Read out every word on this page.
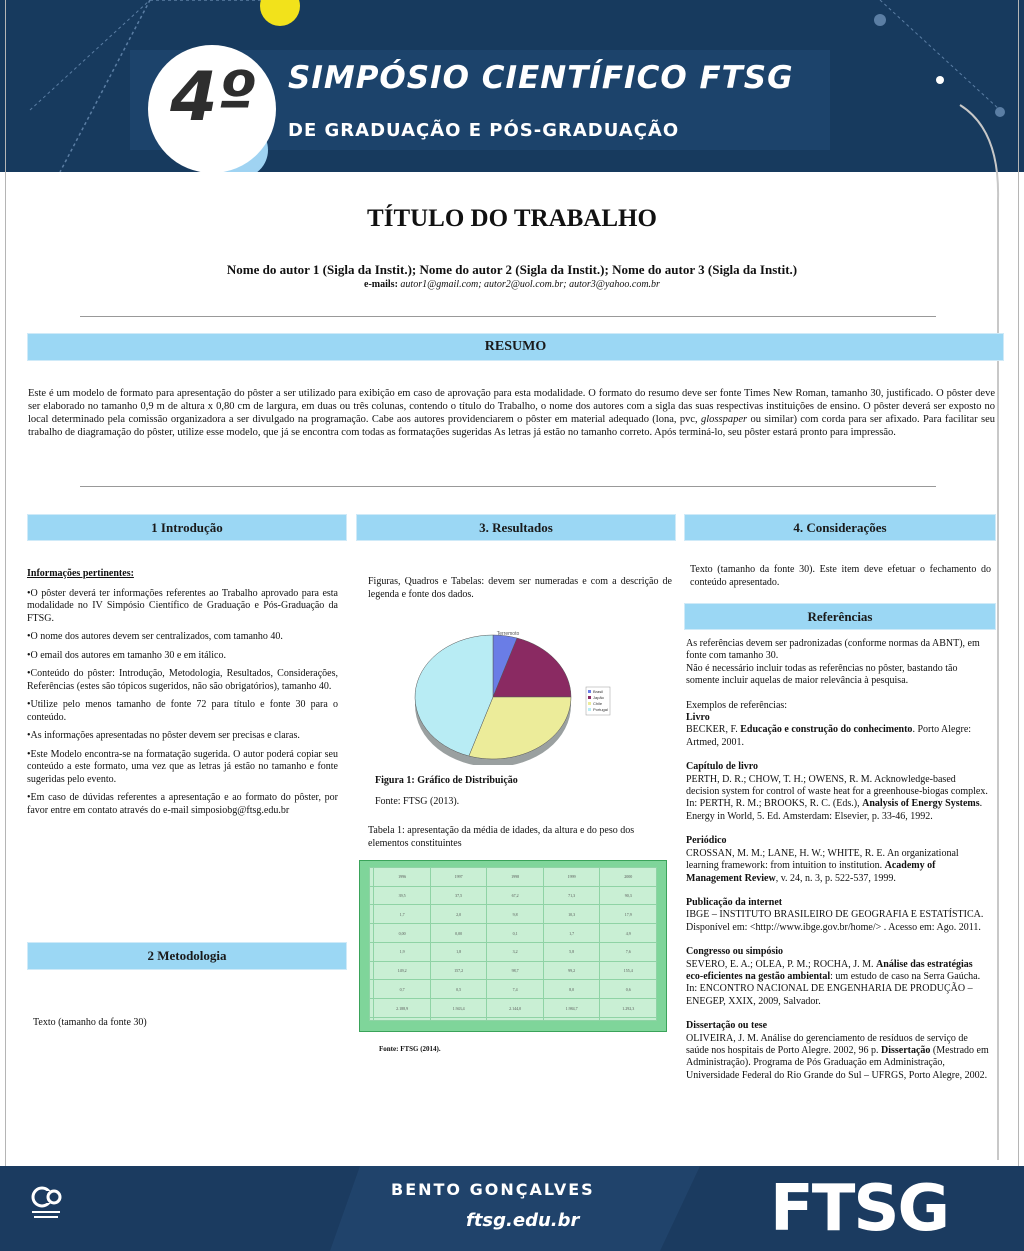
4º	SIMPÓSIO CIENTÍFICO FTSG
DE GRADUAÇÃO E PÓS-GRADUAÇÃO
TÍTULO DO TRABALHO
Nome do autor 1 (Sigla da Instit.); Nome do autor 2 (Sigla da Instit.); Nome do autor 3 (Sigla da Instit.)
e-mails: autor1@gmail.com; autor2@uol.com.br; autor3@yahoo.com.br
RESUMO
Este é um modelo de formato para apresentação do pôster a ser utilizado para exibição em caso de aprovação para esta modalidade. O formato do resumo deve ser fonte Times New Roman, tamanho 30, justificado. O pôster deve ser elaborado no tamanho 0,9 m de altura x 0,80 cm de largura, em duas ou três colunas, contendo o título do Trabalho, o nome dos autores com a sigla das suas respectivas instituições de ensino. O pôster deverá ser exposto no local determinado pela comissão organizadora a ser divulgado na programação. Cabe aos autores providenciarem o pôster em material adequado (lona, pvc, glosspaper ou similar) com corda para ser afixado. Para facilitar seu trabalho de diagramação do pôster, utilize esse modelo, que já se encontra com todas as formatações sugeridas As letras já estão no tamanho correto. Após terminá-lo, seu pôster estará pronto para impressão.
1 Introdução	3. Resultados	4. Considerações

Informações pertinentes:

•O pôster deverá ter informações referentes ao Trabalho aprovado para esta modalidade no IV Simpósio Científico de Graduação e Pós-Graduação da FTSG.

•O nome dos autores devem ser centralizados, com tamanho 40.

•O email dos autores em tamanho 30 e em itálico.

•Conteúdo do pôster: Introdução, Metodologia, Resultados, Considerações, Referências (estes são tópicos sugeridos, não são obrigatórios), tamanho 40.

•Utilize pelo menos tamanho de fonte 72 para título e fonte 30 para o conteúdo.

•As informações apresentadas no pôster devem ser precisas e claras.

•Este Modelo encontra-se na formatação sugerida. O autor poderá copiar seu conteúdo a este formato, uma vez que as letras já estão no tamanho e fonte sugeridas pelo evento.

•Em caso de dúvidas referentes a apresentação e ao formato do pôster, por favor entre em contato através do e-mail simposiobg@ftsg.edu.br

2 Metodologia
Texto (tamanho da fonte 30)
Figuras, Quadros e Tabelas: devem ser numeradas e com a descrição de legenda e fonte dos dados.
Terremoto
Brasil
Japão
Chile
Portugal
Figura 1: Gráfico de Distribuição
Fonte: FTSG (2013).
Tabela 1: apresentação da média de idades, da altura e do peso dos elementos constituintes
	1996	1997	1998	1999	2000
	39,5	37,5	67,2	71,3	90,3
	1,7	2,0	9,8	10,3	17,9
	0,00	0,00	0,1	1,7	4,9
	1,9	1,8	3,2	5,8	7,6
	149,2	157,2	98,7	99,2	155,4
	0,7	0,5	7,4	8,0	0,6
	2.188,9	1.943,4	2.144,0	1.984,7	1.292,3

Fonte: FTSG (2014).
Texto (tamanho da fonte 30). Este item deve efetuar o fechamento do conteúdo apresentado.
Referências

As referências devem ser padronizadas (conforme normas da ABNT), em fonte com tamanho 30.

Não é necessário incluir todas as referências no pôster, bastando tão somente incluir aquelas de maior relevância à pesquisa.

Exemplos de referências:

Livro
BECKER, F. Educação e construção do conhecimento. Porto Alegre: Artmed, 2001.

Capítulo de livro
PERTH, D. R.; CHOW, T. H.; OWENS, R. M. Acknowledge-based decision system for control of waste heat for a greenhouse-biogas complex. In: PERTH, R. M.; BROOKS, R. C. (Eds.), Analysis of Energy Systems. Energy in World, 5. Ed. Amsterdam: Elsevier, p. 33-46, 1992.

Periódico
CROSSAN, M. M.; LANE, H. W.; WHITE, R. E. An organizational learning framework: from intuition to institution. Academy of Management Review, v. 24, n. 3, p. 522-537, 1999.

Publicação da internet
IBGE – INSTITUTO BRASILEIRO DE GEOGRAFIA E ESTATÍSTICA. Disponível em: <http://www.ibge.gov.br/home/> . Acesso em: Ago. 2011.

Congresso ou simpósio
SEVERO, E. A.; OLEA, P. M.; ROCHA, J. M. Análise das estratégias eco-eficientes na gestão ambiental: um estudo de caso na Serra Gaúcha. In: ENCONTRO NACIONAL DE ENGENHARIA DE PRODUÇÃO – ENEGEP, XXIX, 2009, Salvador.

Dissertação ou tese
OLIVEIRA, J. M. Análise do gerenciamento de resíduos de serviço de saúde nos hospitais de Porto Alegre. 2002, 96 p. Dissertação (Mestrado em Administração). Programa de Pós Graduação em Administração, Universidade Federal do Rio Grande do Sul – UFRGS, Porto Alegre, 2002.

BENTO GONÇALVES
ftsg.edu.br	FTSG
